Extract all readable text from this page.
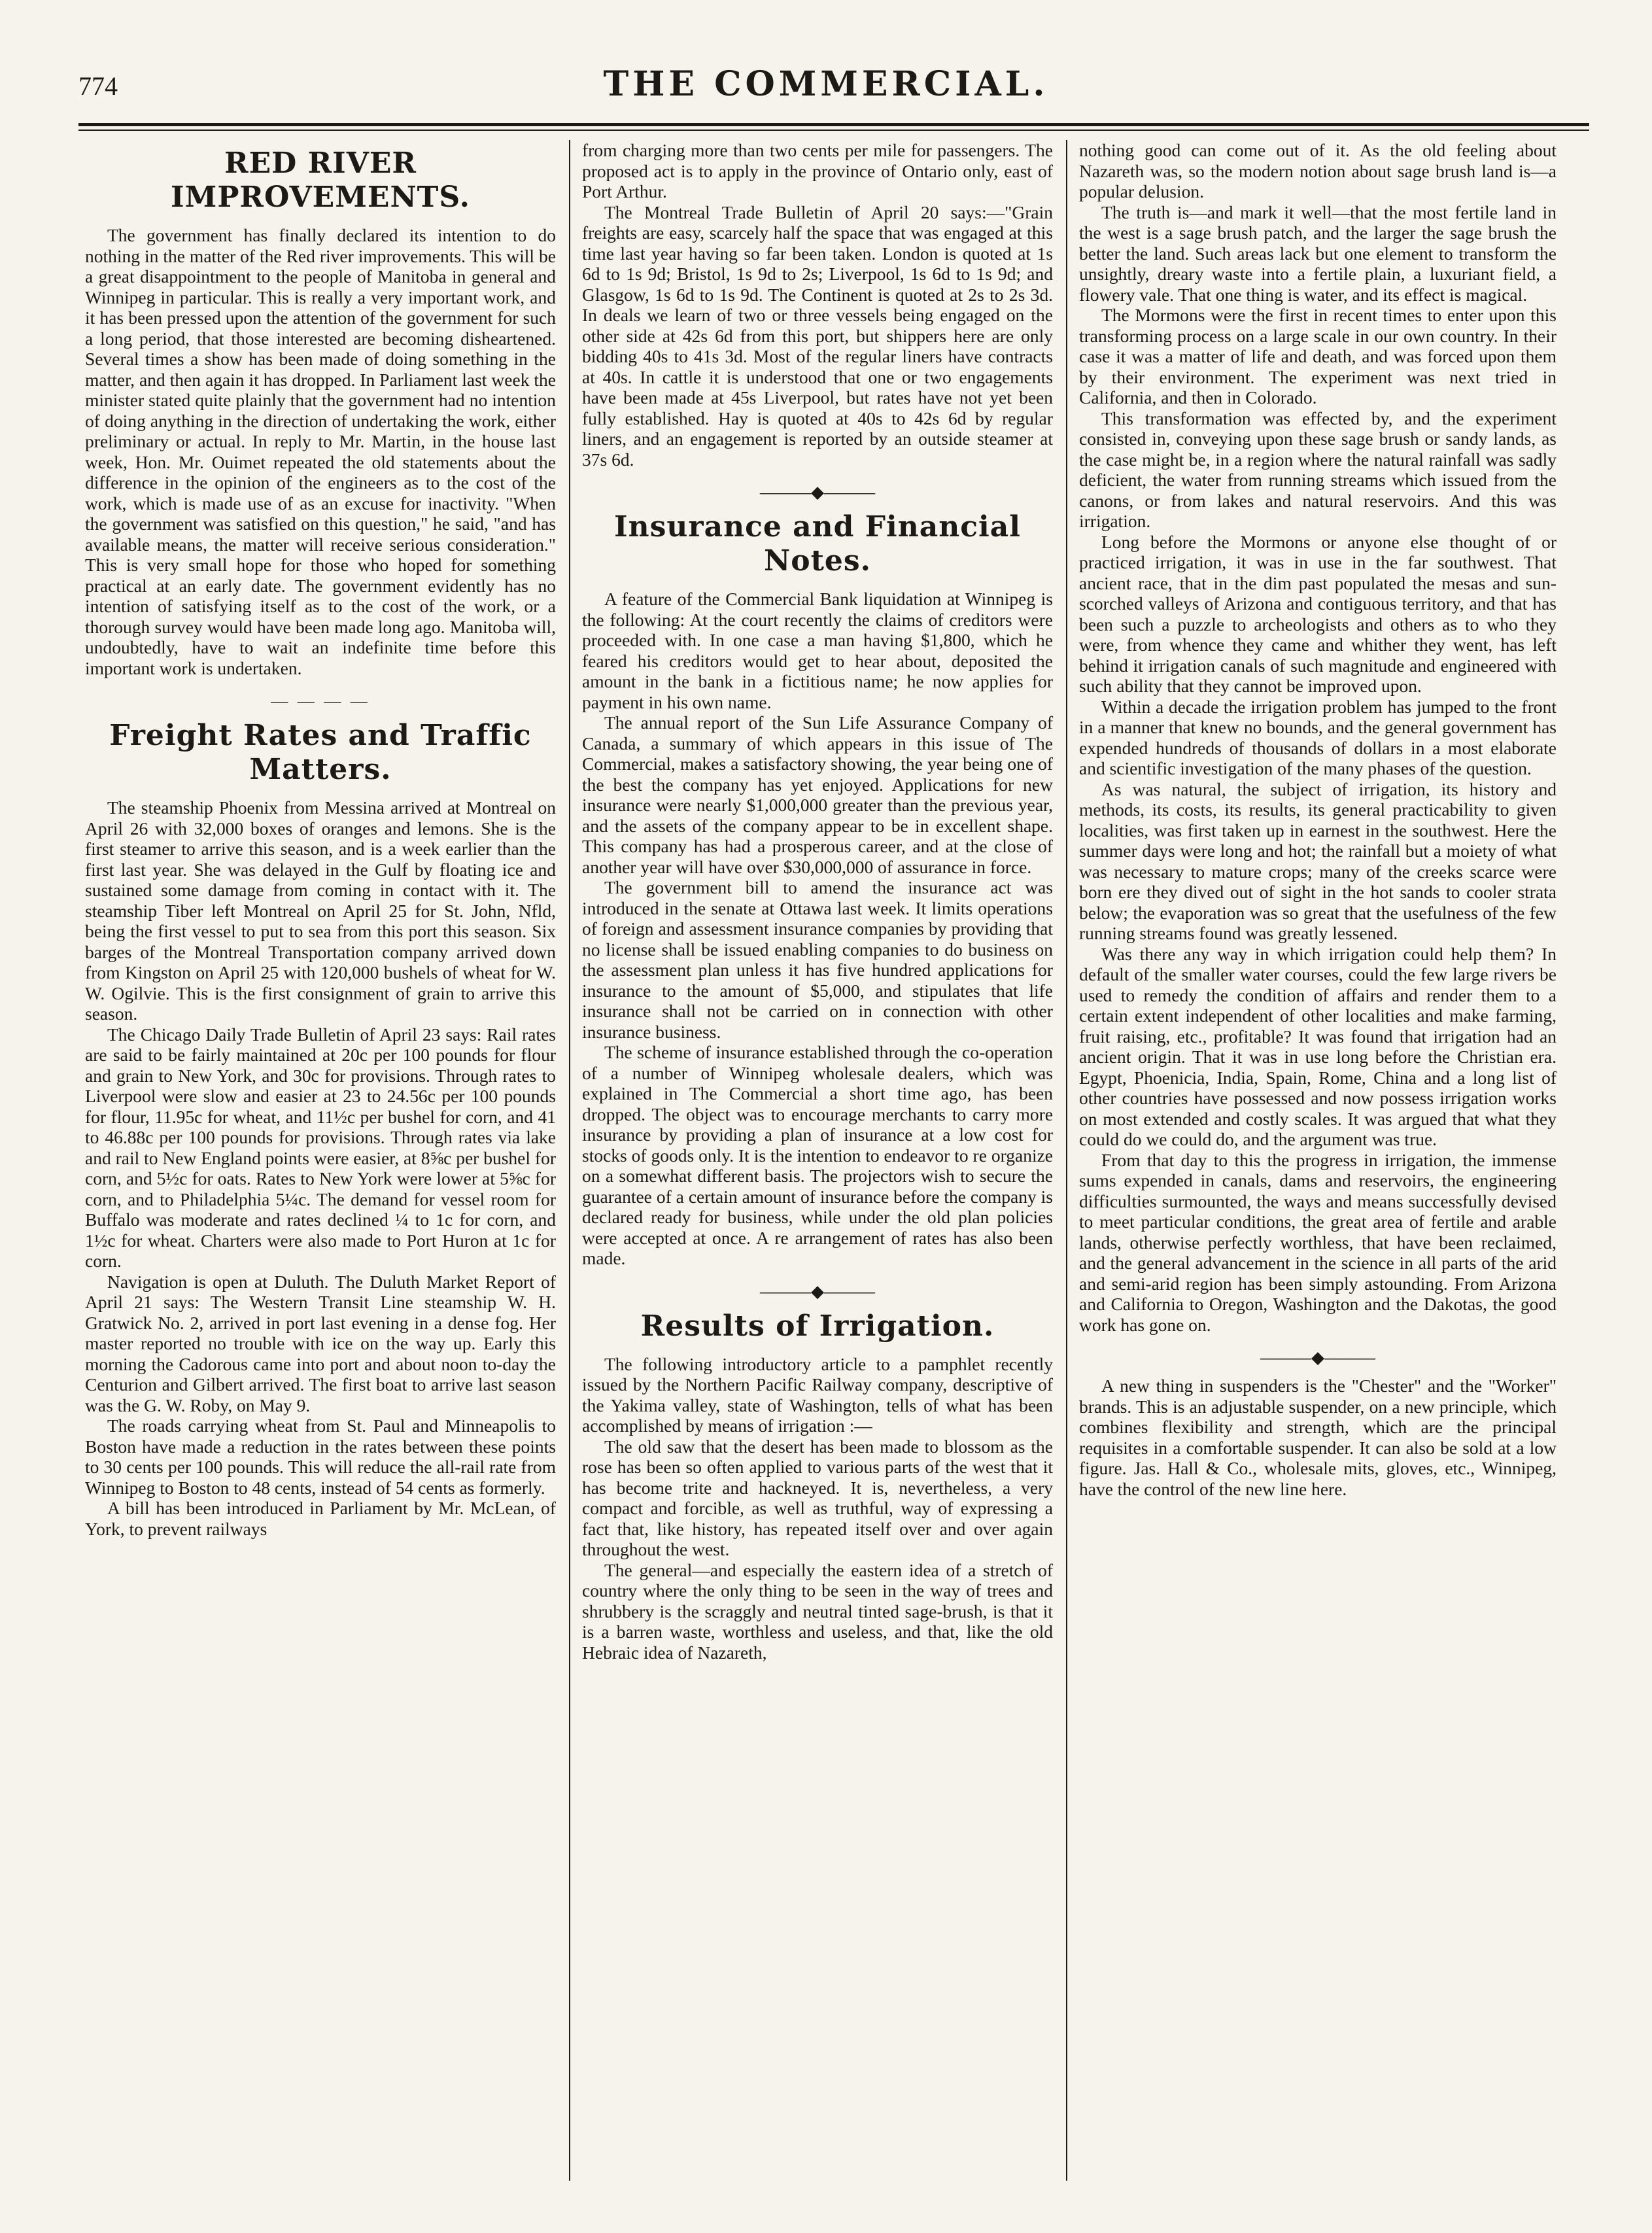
774	THE COMMERCIAL.
RED RIVER IMPROVEMENTS.

The government has finally declared its intention to do nothing in the matter of the Red river improvements. This will be a great disappointment to the people of Manitoba in general and Winnipeg in particular. This is really a very important work, and it has been pressed upon the attention of the government for such a long period, that those interested are becoming disheartened. Several times a show has been made of doing something in the matter, and then again it has dropped. In Parliament last week the minister stated quite plainly that the government had no intention of doing anything in the direction of undertaking the work, either preliminary or actual. In reply to Mr. Martin, in the house last week, Hon. Mr. Ouimet repeated the old statements about the difference in the opinion of the engineers as to the cost of the work, which is made use of as an excuse for inactivity. "When the government was satisfied on this question," he said, "and has available means, the matter will receive serious consideration." This is very small hope for those who hoped for something practical at an early date. The government evidently has no intention of satisfying itself as to the cost of the work, or a thorough survey would have been made long ago. Manitoba will, undoubtedly, have to wait an indefinite time before this important work is undertaken.

— — — —
Freight Rates and Traffic Matters.

The steamship Phoenix from Messina arrived at Montreal on April 26 with 32,000 boxes of oranges and lemons. She is the first steamer to arrive this season, and is a week earlier than the first last year. She was delayed in the Gulf by floating ice and sustained some damage from coming in contact with it. The steamship Tiber left Montreal on April 25 for St. John, Nfld, being the first vessel to put to sea from this port this season. Six barges of the Montreal Transportation company arrived down from Kingston on April 25 with 120,000 bushels of wheat for W. W. Ogilvie. This is the first consignment of grain to arrive this season.

The Chicago Daily Trade Bulletin of April 23 says: Rail rates are said to be fairly maintained at 20c per 100 pounds for flour and grain to New York, and 30c for provisions. Through rates to Liverpool were slow and easier at 23 to 24.56c per 100 pounds for flour, 11.95c for wheat, and 11½c per bushel for corn, and 41 to 46.88c per 100 pounds for provisions. Through rates via lake and rail to New England points were easier, at 8⅝c per bushel for corn, and 5½c for oats. Rates to New York were lower at 5⅝c for corn, and to Philadelphia 5¼c. The demand for vessel room for Buffalo was moderate and rates declined ¼ to 1c for corn, and 1½c for wheat. Charters were also made to Port Huron at 1c for corn.

Navigation is open at Duluth. The Duluth Market Report of April 21 says: The Western Transit Line steamship W. H. Gratwick No. 2, arrived in port last evening in a dense fog. Her master reported no trouble with ice on the way up. Early this morning the Cadorous came into port and about noon to-day the Centurion and Gilbert arrived. The first boat to arrive last season was the G. W. Roby, on May 9.

The roads carrying wheat from St. Paul and Minneapolis to Boston have made a reduction in the rates between these points to 30 cents per 100 pounds. This will reduce the all-rail rate from Winnipeg to Boston to 48 cents, instead of 54 cents as formerly.

A bill has been introduced in Parliament by Mr. McLean, of York, to prevent railways

from charging more than two cents per mile for passengers. The proposed act is to apply in the province of Ontario only, east of Port Arthur.

The Montreal Trade Bulletin of April 20 says:—"Grain freights are easy, scarcely half the space that was engaged at this time last year having so far been taken. London is quoted at 1s 6d to 1s 9d; Bristol, 1s 9d to 2s; Liverpool, 1s 6d to 1s 9d; and Glasgow, 1s 6d to 1s 9d. The Continent is quoted at 2s to 2s 3d. In deals we learn of two or three vessels being engaged on the other side at 42s 6d from this port, but shippers here are only bidding 40s to 41s 3d. Most of the regular liners have contracts at 40s. In cattle it is understood that one or two engagements have been made at 45s Liverpool, but rates have not yet been fully established. Hay is quoted at 40s to 42s 6d by regular liners, and an engagement is reported by an outside steamer at 37s 6d.

———◆———
Insurance and Financial Notes.

A feature of the Commercial Bank liquidation at Winnipeg is the following: At the court recently the claims of creditors were proceeded with. In one case a man having $1,800, which he feared his creditors would get to hear about, deposited the amount in the bank in a fictitious name; he now applies for payment in his own name.

The annual report of the Sun Life Assurance Company of Canada, a summary of which appears in this issue of The Commercial, makes a satisfactory showing, the year being one of the best the company has yet enjoyed. Applications for new insurance were nearly $1,000,000 greater than the previous year, and the assets of the company appear to be in excellent shape. This company has had a prosperous career, and at the close of another year will have over $30,000,000 of assurance in force.

The government bill to amend the insurance act was introduced in the senate at Ottawa last week. It limits operations of foreign and assessment insurance companies by providing that no license shall be issued enabling companies to do business on the assessment plan unless it has five hundred applications for insurance to the amount of $5,000, and stipulates that life insurance shall not be carried on in connection with other insurance business.

The scheme of insurance established through the co-operation of a number of Winnipeg wholesale dealers, which was explained in The Commercial a short time ago, has been dropped. The object was to encourage merchants to carry more insurance by providing a plan of insurance at a low cost for stocks of goods only. It is the intention to endeavor to re organize on a somewhat different basis. The projectors wish to secure the guarantee of a certain amount of insurance before the company is declared ready for business, while under the old plan policies were accepted at once. A re arrangement of rates has also been made.

———◆———
Results of Irrigation.

The following introductory article to a pamphlet recently issued by the Northern Pacific Railway company, descriptive of the Yakima valley, state of Washington, tells of what has been accomplished by means of irrigation :—

The old saw that the desert has been made to blossom as the rose has been so often applied to various parts of the west that it has become trite and hackneyed. It is, nevertheless, a very compact and forcible, as well as truthful, way of expressing a fact that, like history, has repeated itself over and over again throughout the west.

The general—and especially the eastern idea of a stretch of country where the only thing to be seen in the way of trees and shrubbery is the scraggly and neutral tinted sage-brush, is that it is a barren waste, worthless and useless, and that, like the old Hebraic idea of Nazareth,

nothing good can come out of it. As the old feeling about Nazareth was, so the modern notion about sage brush land is—a popular delusion.

The truth is—and mark it well—that the most fertile land in the west is a sage brush patch, and the larger the sage brush the better the land. Such areas lack but one element to transform the unsightly, dreary waste into a fertile plain, a luxuriant field, a flowery vale. That one thing is water, and its effect is magical.

The Mormons were the first in recent times to enter upon this transforming process on a large scale in our own country. In their case it was a matter of life and death, and was forced upon them by their environment. The experiment was next tried in California, and then in Colorado.

This transformation was effected by, and the experiment consisted in, conveying upon these sage brush or sandy lands, as the case might be, in a region where the natural rainfall was sadly deficient, the water from running streams which issued from the canons, or from lakes and natural reservoirs. And this was irrigation.

Long before the Mormons or anyone else thought of or practiced irrigation, it was in use in the far southwest. That ancient race, that in the dim past populated the mesas and sun-scorched valleys of Arizona and contiguous territory, and that has been such a puzzle to archeologists and others as to who they were, from whence they came and whither they went, has left behind it irrigation canals of such magnitude and engineered with such ability that they cannot be improved upon.

Within a decade the irrigation problem has jumped to the front in a manner that knew no bounds, and the general government has expended hundreds of thousands of dollars in a most elaborate and scientific investigation of the many phases of the question.

As was natural, the subject of irrigation, its history and methods, its costs, its results, its general practicability to given localities, was first taken up in earnest in the southwest. Here the summer days were long and hot; the rainfall but a moiety of what was necessary to mature crops; many of the creeks scarce were born ere they dived out of sight in the hot sands to cooler strata below; the evaporation was so great that the usefulness of the few running streams found was greatly lessened.

Was there any way in which irrigation could help them? In default of the smaller water courses, could the few large rivers be used to remedy the condition of affairs and render them to a certain extent independent of other localities and make farming, fruit raising, etc., profitable? It was found that irrigation had an ancient origin. That it was in use long before the Christian era. Egypt, Phoenicia, India, Spain, Rome, China and a long list of other countries have possessed and now possess irrigation works on most extended and costly scales. It was argued that what they could do we could do, and the argument was true.

From that day to this the progress in irrigation, the immense sums expended in canals, dams and reservoirs, the engineering difficulties surmounted, the ways and means successfully devised to meet particular conditions, the great area of fertile and arable lands, otherwise perfectly worthless, that have been reclaimed, and the general advancement in the science in all parts of the arid and semi-arid region has been simply astounding. From Arizona and California to Oregon, Washington and the Dakotas, the good work has gone on.

———◆———

A new thing in suspenders is the "Chester" and the "Worker" brands. This is an adjustable suspender, on a new principle, which combines flexibility and strength, which are the principal requisites in a comfortable suspender. It can also be sold at a low figure. Jas. Hall & Co., wholesale mits, gloves, etc., Winnipeg, have the control of the new line here.
